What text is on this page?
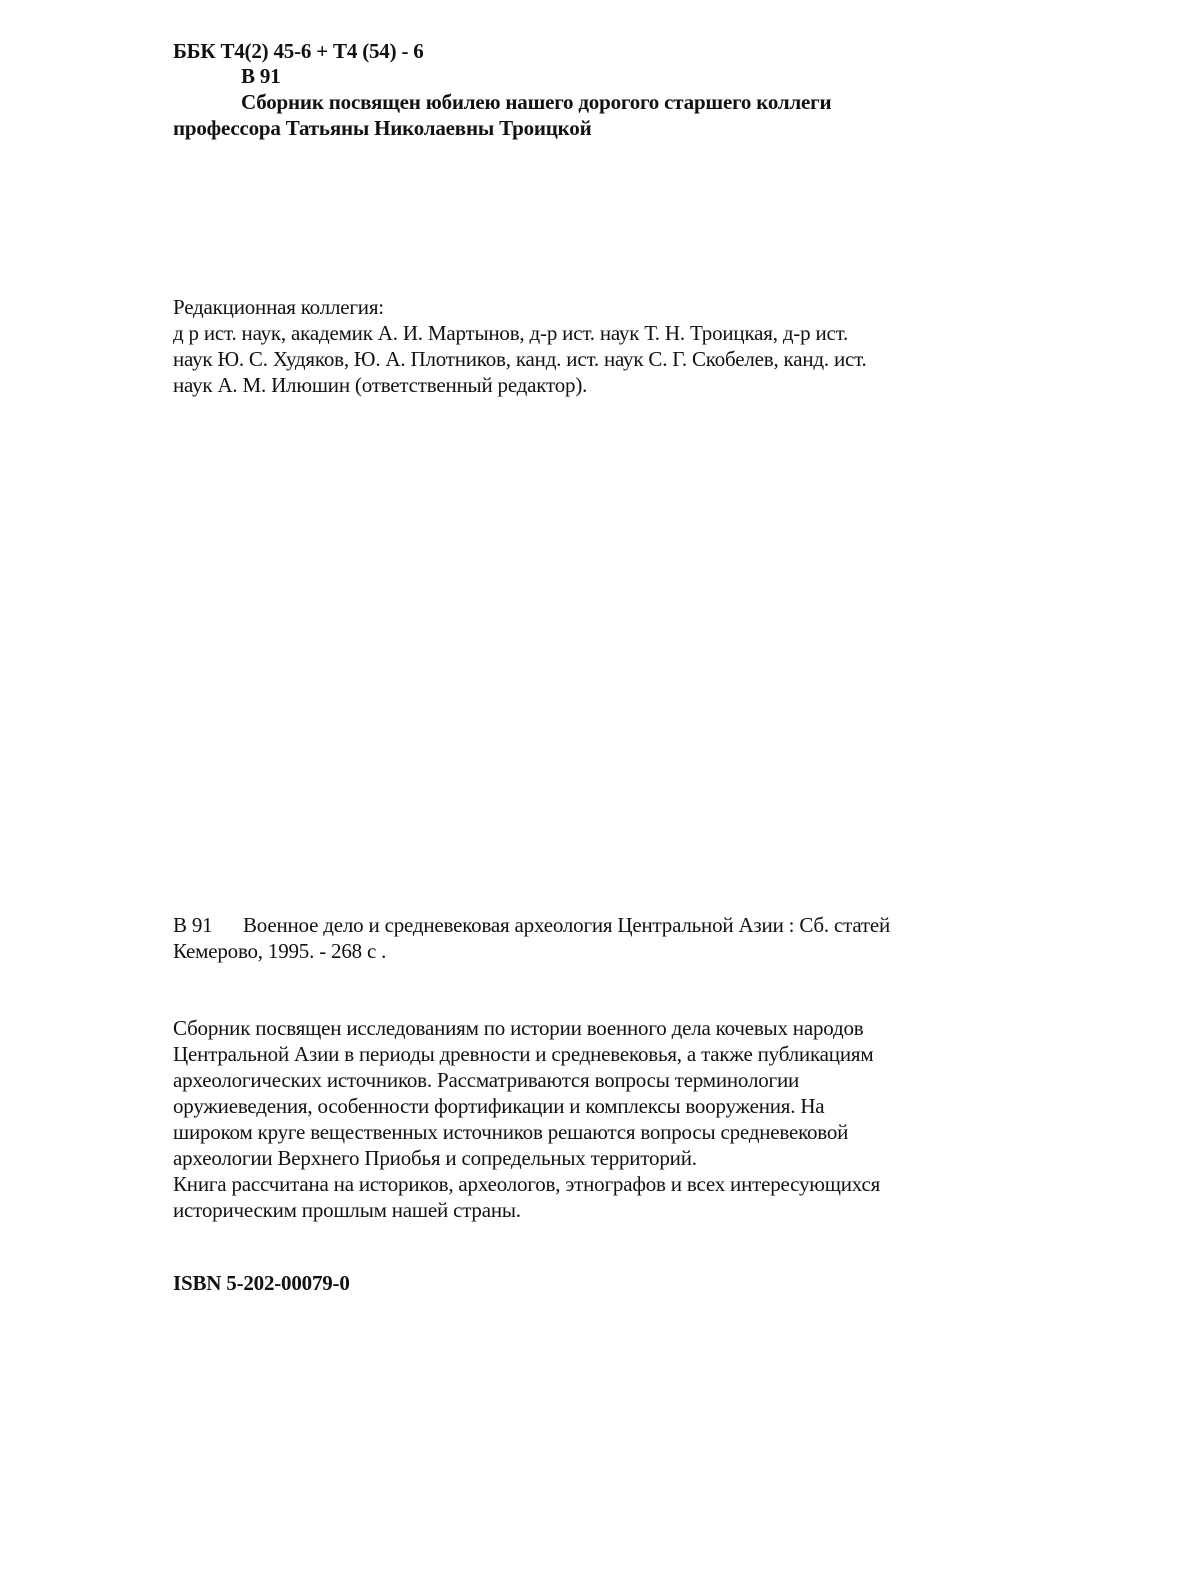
ББК Т4(2) 45-6 + Т4 (54) - 6
В 91
Сборник посвящен юбилею нашего дорогого старшего коллеги
профессора Татьяны Николаевны Троицкой
Редакционная коллегия:
д р ист. наук, академик А. И. Мартынов, д-р ист. наук Т. Н. Троицкая, д-р ист.
наук Ю. С. Худяков, Ю. А. Плотников, канд. ист. наук С. Г. Скобелев, канд. ист.
наук А. М. Илюшин (ответственный редактор).
В 91 Военное дело и средневековая археология Центральной Азии : Сб. статей
Кемерово, 1995. - 268 с .
Сборник посвящен исследованиям по истории военного дела кочевых народов
Центральной Азии в периоды древности и средневековья, а также публикациям
археологических источников. Рассматриваются вопросы терминологии
оружиеведения, особенности фортификации и комплексы вооружения. На
широком круге вещественных источников решаются вопросы средневековой
археологии Верхнего Приобья и сопредельных территорий.
Книга рассчитана на историков, археологов, этнографов и всех интересующихся
историческим прошлым нашей страны.
ISBN 5-202-00079-0
